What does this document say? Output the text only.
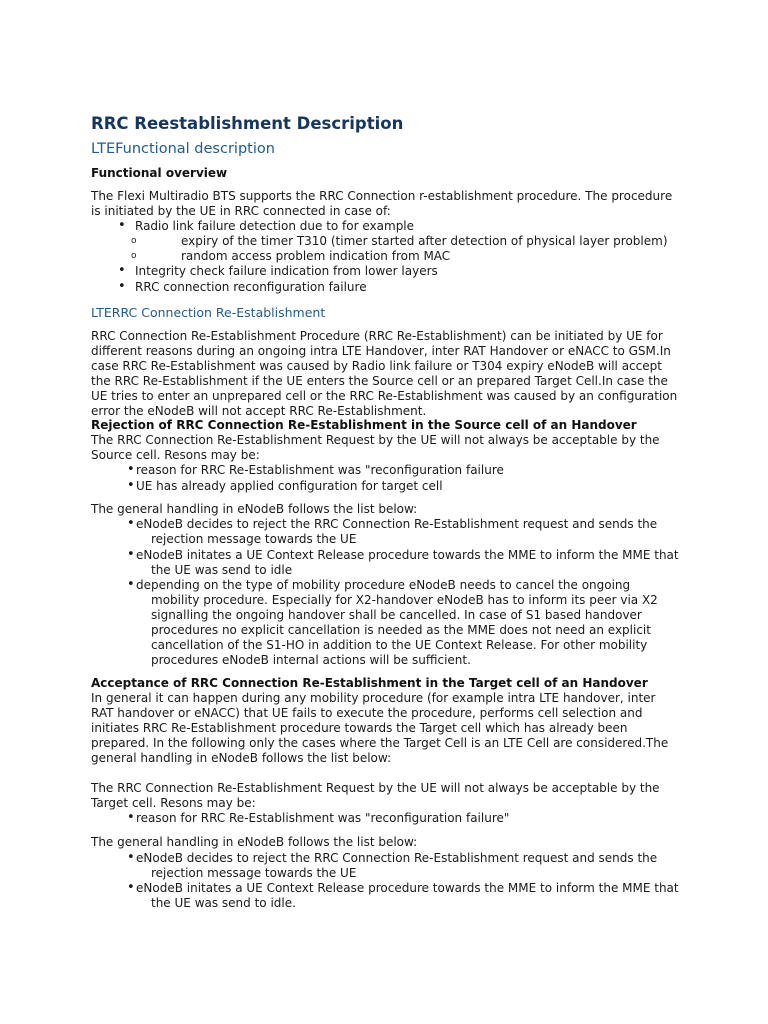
RRC Reestablishment Description
LTEFunctional description
Functional overview
The Flexi Multiradio BTS supports the RRC Connection r-establishment procedure. The procedure
is initiated by the UE in RRC connected in case of:
• Radio link failure detection due to for example
o	expiry of the timer T310 (timer started after detection of physical layer problem)
o	random access problem indication from MAC
• Integrity check failure indication from lower layers
• RRC connection reconfiguration failure
LTERRC Connection Re-Establishment
RRC Connection Re-Establishment Procedure (RRC Re-Establishment) can be initiated by UE for
different reasons during an ongoing intra LTE Handover, inter RAT Handover or eNACC to GSM.In
case RRC Re-Establishment was caused by Radio link failure or T304 expiry eNodeB will accept
the RRC Re-Establishment if the UE enters the Source cell or an prepared Target Cell.In case the
UE tries to enter an unprepared cell or the RRC Re-Establishment was caused by an configuration
error the eNodeB will not accept RRC Re-Establishment.
Rejection of RRC Connection Re-Establishment in the Source cell of an Handover
The RRC Connection Re-Establishment Request by the UE will not always be acceptable by the
Source cell. Resons may be:
• reason for RRC Re-Establishment was "reconfiguration failure
• UE has already applied configuration for target cell
The general handling in eNodeB follows the list below:
• eNodeB decides to reject the RRC Connection Re-Establishment request and sends the
rejection message towards the UE
• eNodeB initates a UE Context Release procedure towards the MME to inform the MME that
the UE was send to idle
• depending on the type of mobility procedure eNodeB needs to cancel the ongoing
mobility procedure. Especially for X2-handover eNodeB has to inform its peer via X2
signalling the ongoing handover shall be cancelled. In case of S1 based handover
procedures no explicit cancellation is needed as the MME does not need an explicit
cancellation of the S1-HO in addition to the UE Context Release. For other mobility
procedures eNodeB internal actions will be sufficient.
Acceptance of RRC Connection Re-Establishment in the Target cell of an Handover
In general it can happen during any mobility procedure (for example intra LTE handover, inter
RAT handover or eNACC) that UE fails to execute the procedure, performs cell selection and
initiates RRC Re-Establishment procedure towards the Target cell which has already been
prepared. In the following only the cases where the Target Cell is an LTE Cell are considered.The
general handling in eNodeB follows the list below:
The RRC Connection Re-Establishment Request by the UE will not always be acceptable by the
Target cell. Resons may be:
• reason for RRC Re-Establishment was "reconfiguration failure"
The general handling in eNodeB follows the list below:
• eNodeB decides to reject the RRC Connection Re-Establishment request and sends the
rejection message towards the UE
• eNodeB initates a UE Context Release procedure towards the MME to inform the MME that
the UE was send to idle.
